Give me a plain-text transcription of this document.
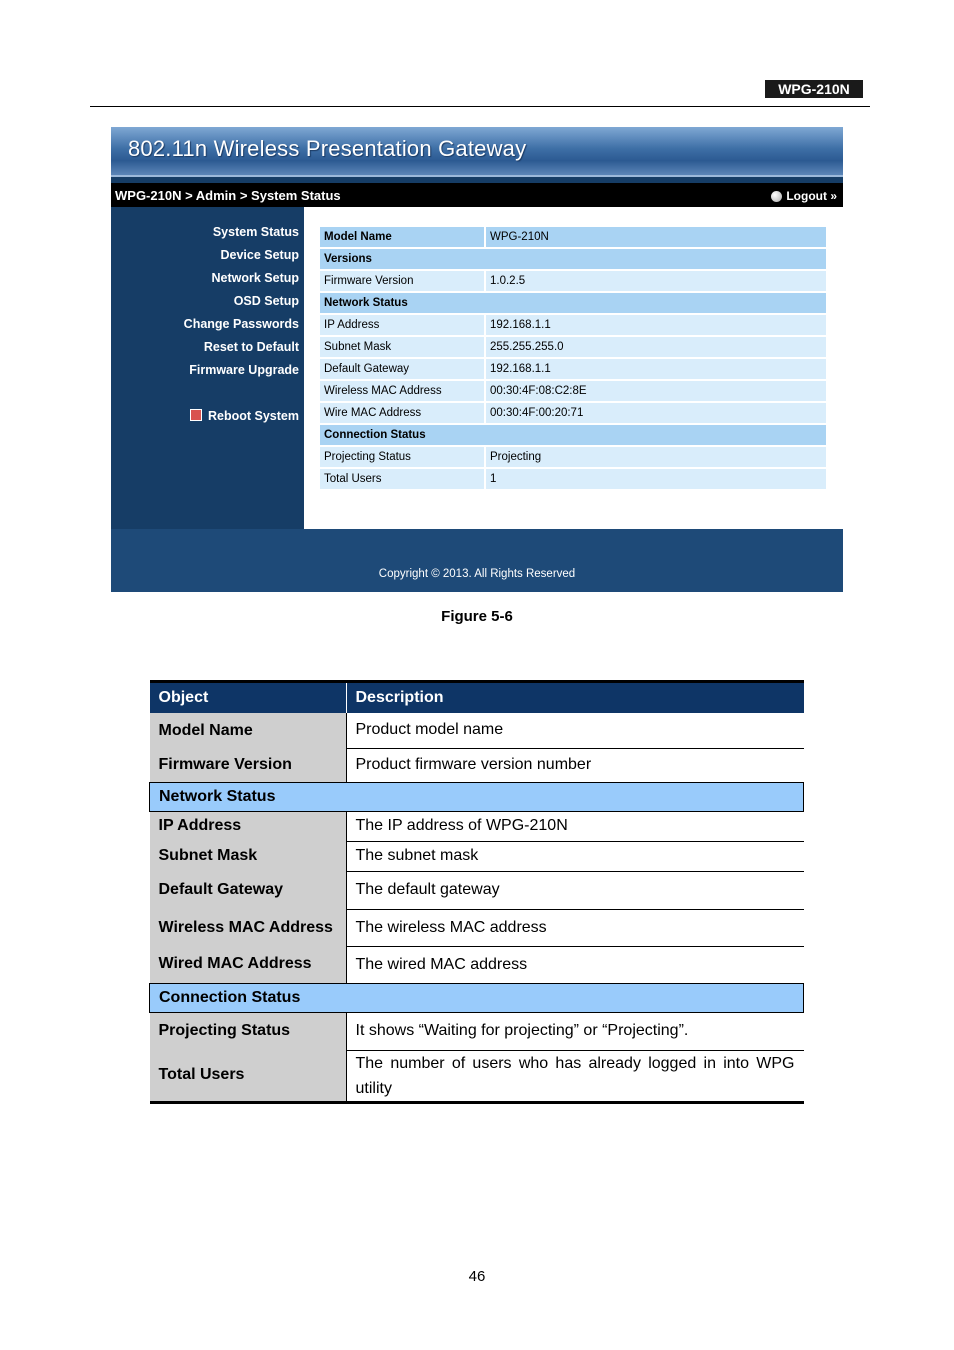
WPG-210N
802.11n Wireless Presentation Gateway
WPG-210N > Admin > System Status	Logout »
System Status
Device Setup
Network Setup
OSD Setup
Change Passwords
Reset to Default
Firmware Upgrade
Reboot System
Model Name	WPG-210N
Versions	
Firmware Version	1.0.2.5
Network Status	
IP Address	192.168.1.1
Subnet Mask	255.255.255.0
Default Gateway	192.168.1.1
Wireless MAC Address	00:30:4F:08:C2:8E
Wire MAC Address	00:30:4F:00:20:71
Connection Status	
Projecting Status	Projecting
Total Users	1
Copyright © 2013. All Rights Reserved
Figure 5-6
Object	Description
Model Name	Product model name
Firmware Version	Product firmware version number
Network Status	
IP Address	The IP address of WPG-210N
Subnet Mask	The subnet mask
Default Gateway	The default gateway
Wireless MAC Address	The wireless MAC address
Wired MAC Address	The wired MAC address
Connection Status	
Projecting Status	It shows “Waiting for projecting” or “Projecting”.
Total Users	The number of users who has already logged in into WPG utility
46
